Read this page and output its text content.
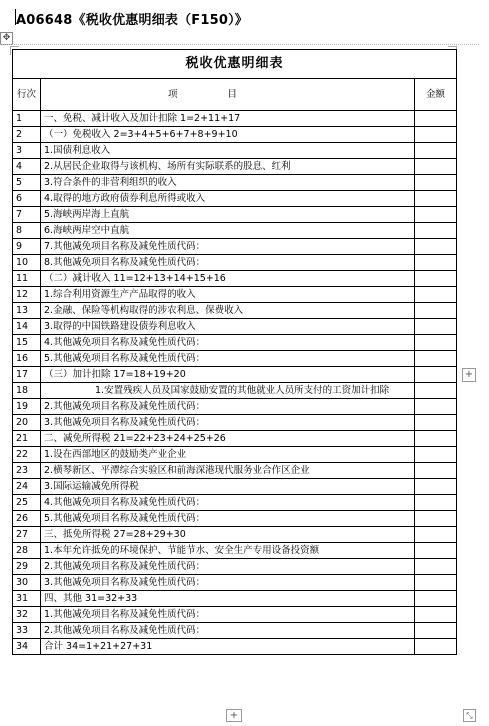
A06648《税收优惠明细表（F150）》
✥
税收优惠明细表		
行次	项目	金额
1	一、免税、减计收入及加计扣除 1=2+11+17	
2	（一）免税收入 2=3+4+5+6+7+8+9+10	
3	1.国债利息收入	
4	2.从居民企业取得与该机构、场所有实际联系的股息、红利	
5	3.符合条件的非营利组织的收入	
6	4.取得的地方政府债券利息所得或收入	
7	5.海峡两岸海上直航	
8	6.海峡两岸空中直航	
9	7.其他减免项目名称及减免性质代码：	
10	8.其他减免项目名称及减免性质代码：	
11	（二）减计收入 11=12+13+14+15+16	
12	1.综合利用资源生产产品取得的收入	
13	2.金融、保险等机构取得的涉农利息、保费收入	
14	3.取得的中国铁路建设债券利息收入	
15	4.其他减免项目名称及减免性质代码：	
16	5.其他减免项目名称及减免性质代码：	
17	（三）加计扣除 17=18+19+20	
18	1.安置残疾人员及国家鼓励安置的其他就业人员所支付的工资加计扣除	
19	2.其他减免项目名称及减免性质代码：	
20	3.其他减免项目名称及减免性质代码：	
21	二、减免所得税 21=22+23+24+25+26	
22	1.设在西部地区的鼓励类产业企业	
23	2.横琴新区、平潭综合实验区和前海深港现代服务业合作区企业	
24	3.国际运输减免所得税	
25	4.其他减免项目名称及减免性质代码：	
26	5.其他减免项目名称及减免性质代码：	
27	三、抵免所得税 27=28+29+30	
28	1.本年允许抵免的环境保护、节能节水、安全生产专用设备投资额	
29	2.其他减免项目名称及减免性质代码：	
30	3.其他减免项目名称及减免性质代码：	
31	四、其他 31=32+33	
32	1.其他减免项目名称及减免性质代码：	
33	2.其他减免项目名称及减免性质代码：	
34	合计 34=1+21+27+31	
+
+	⤡
